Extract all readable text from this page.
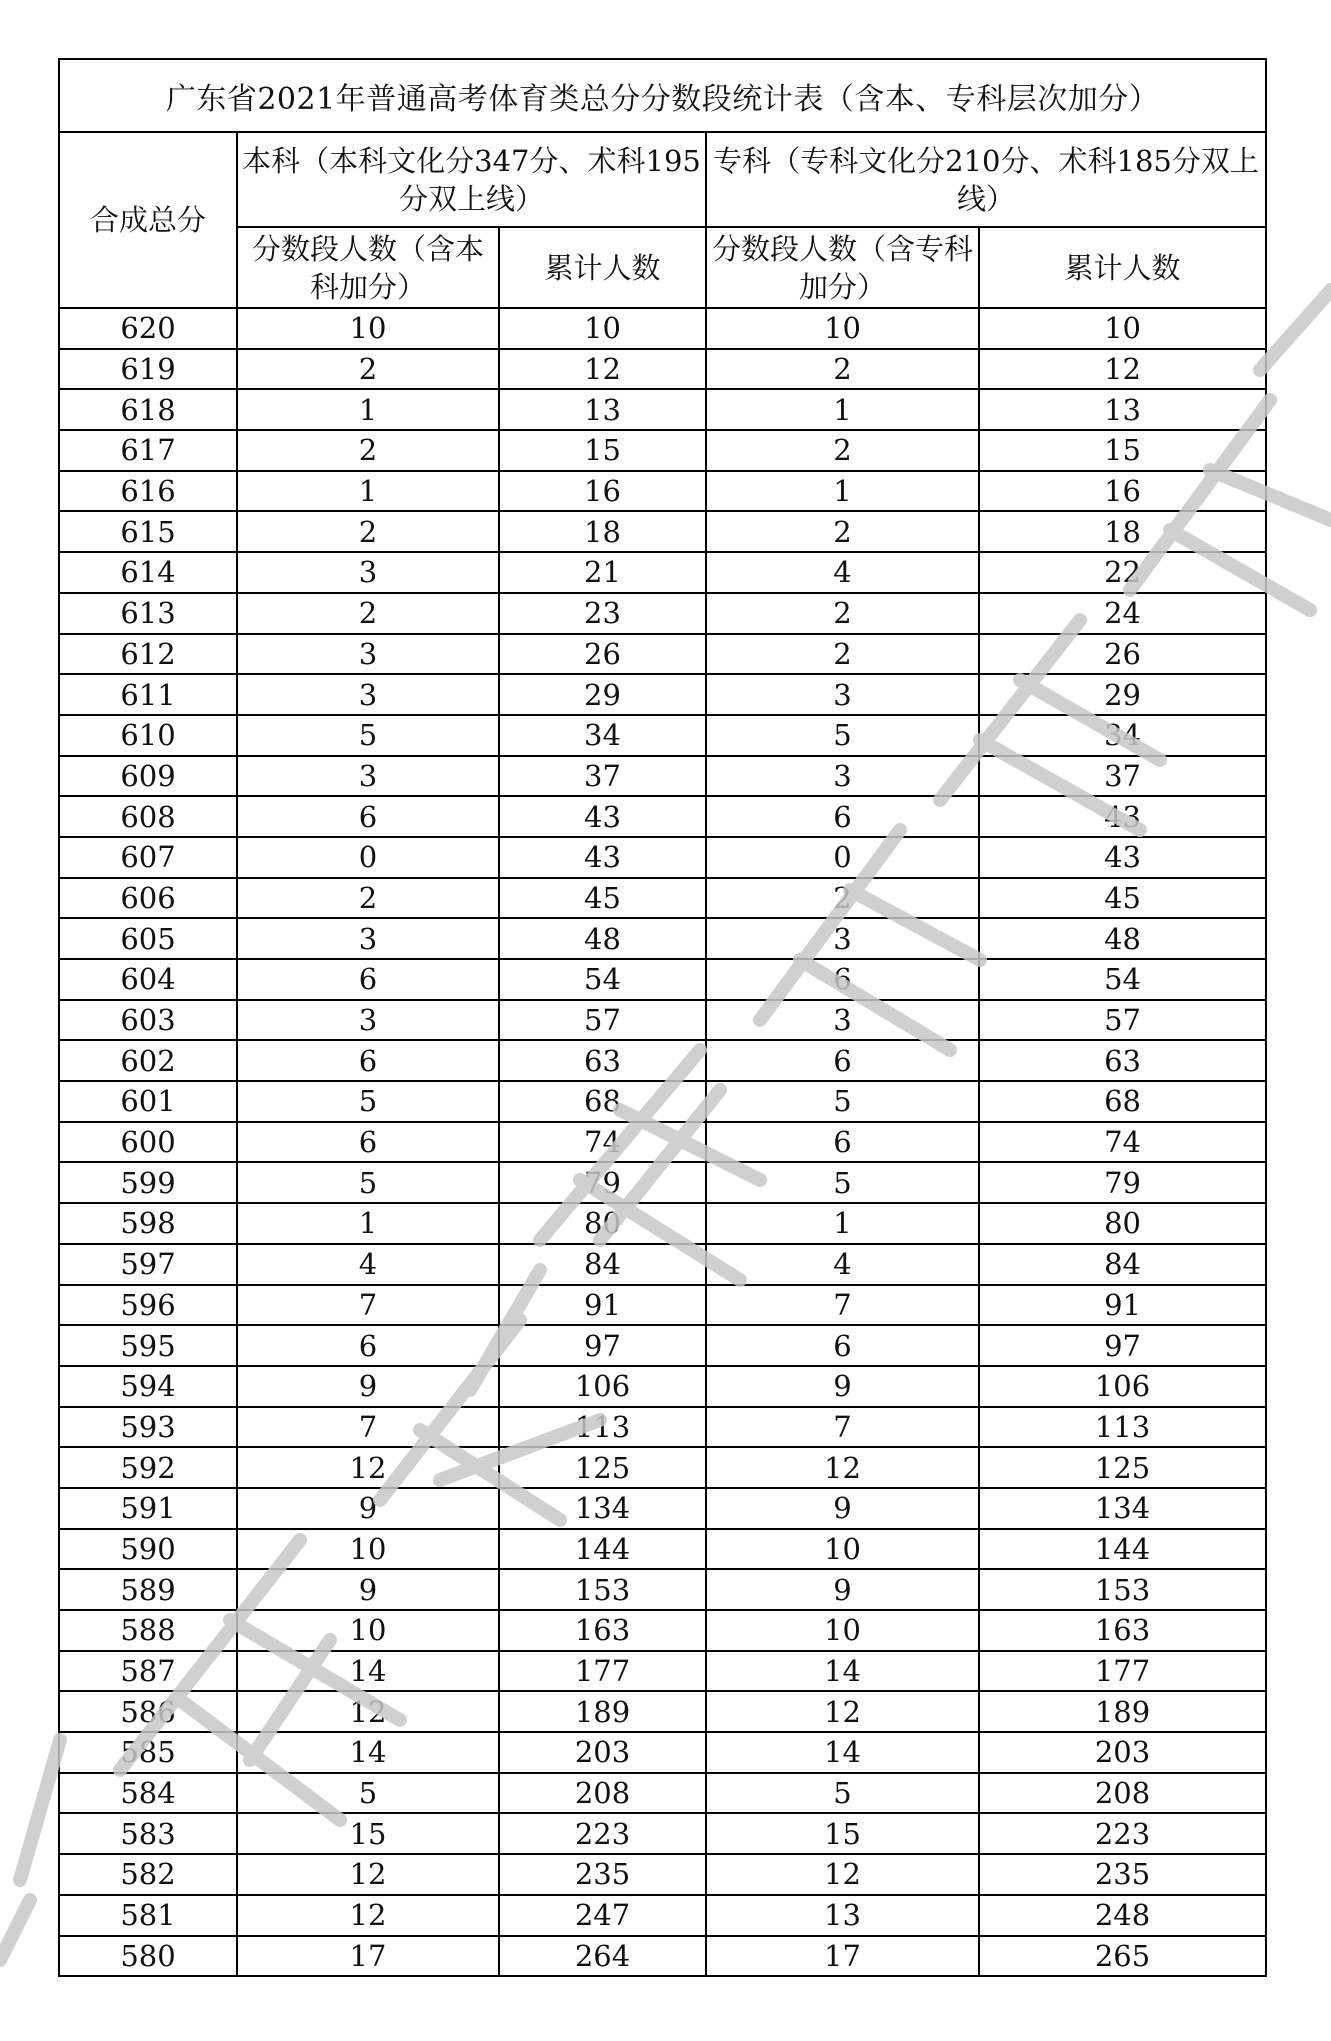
广东省2021年普通高考体育类总分分数段统计表（含本、专科层次加分）				
合成总分	本科（本科文化分347分、术科195分双上线）		专科（专科文化分210分、术科185分双上线）	
	分数段人数（含本科加分）	累计人数	分数段人数（含专科加分）	累计人数
620	10	10	10	10
619	2	12	2	12
618	1	13	1	13
617	2	15	2	15
616	1	16	1	16
615	2	18	2	18
614	3	21	4	22
613	2	23	2	24
612	3	26	2	26
611	3	29	3	29
610	5	34	5	34
609	3	37	3	37
608	6	43	6	43
607	0	43	0	43
606	2	45	2	45
605	3	48	3	48
604	6	54	6	54
603	3	57	3	57
602	6	63	6	63
601	5	68	5	68
600	6	74	6	74
599	5	79	5	79
598	1	80	1	80
597	4	84	4	84
596	7	91	7	91
595	6	97	6	97
594	9	106	9	106
593	7	113	7	113
592	12	125	12	125
591	9	134	9	134
590	10	144	10	144
589	9	153	9	153
588	10	163	10	163
587	14	177	14	177
586	12	189	12	189
585	14	203	14	203
584	5	208	5	208
583	15	223	15	223
582	12	235	12	235
581	12	247	13	248
580	17	264	17	265
